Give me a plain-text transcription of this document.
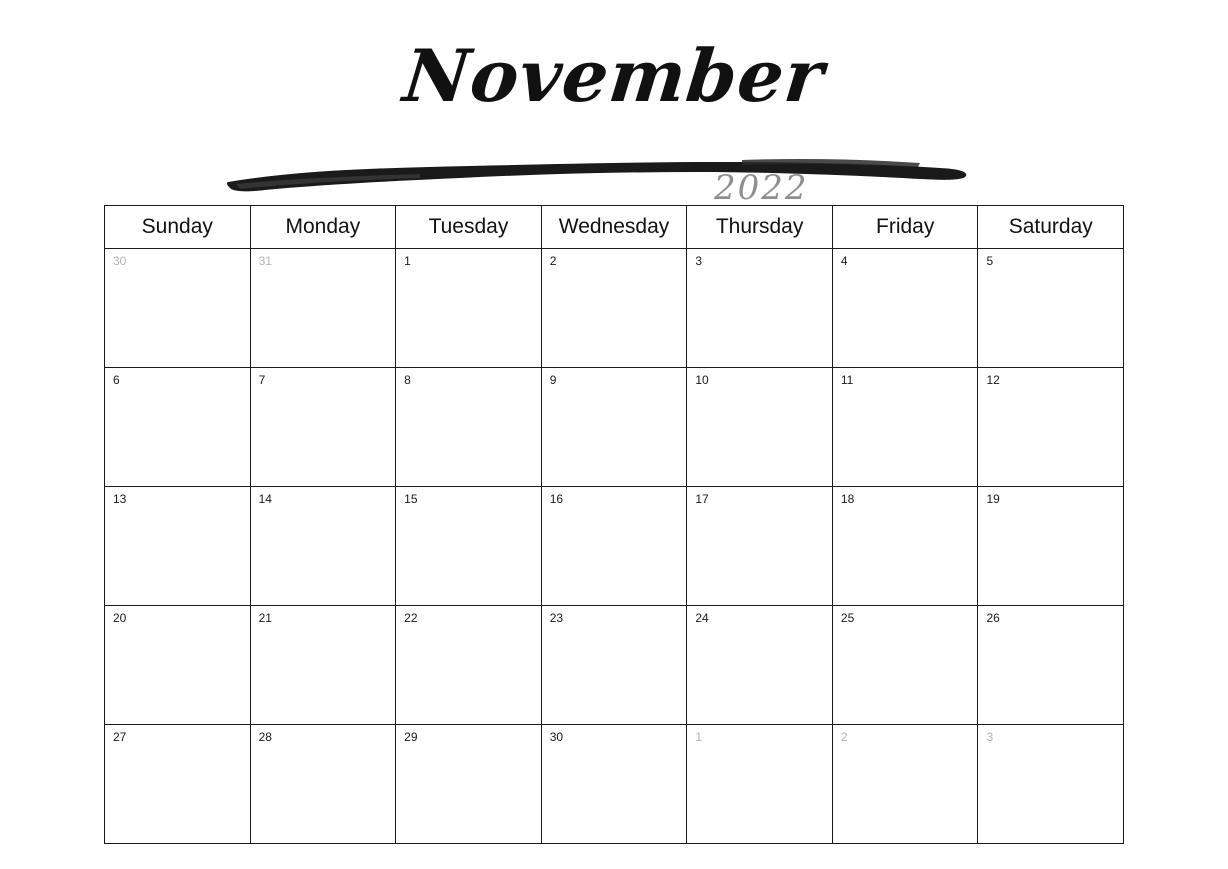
November
2022
Sunday	Monday	Tuesday	Wednesday	Thursday	Friday	Saturday
30	31	1	2	3	4	5
6	7	8	9	10	11	12
13	14	15	16	17	18	19
20	21	22	23	24	25	26
27	28	29	30	1	2	3
